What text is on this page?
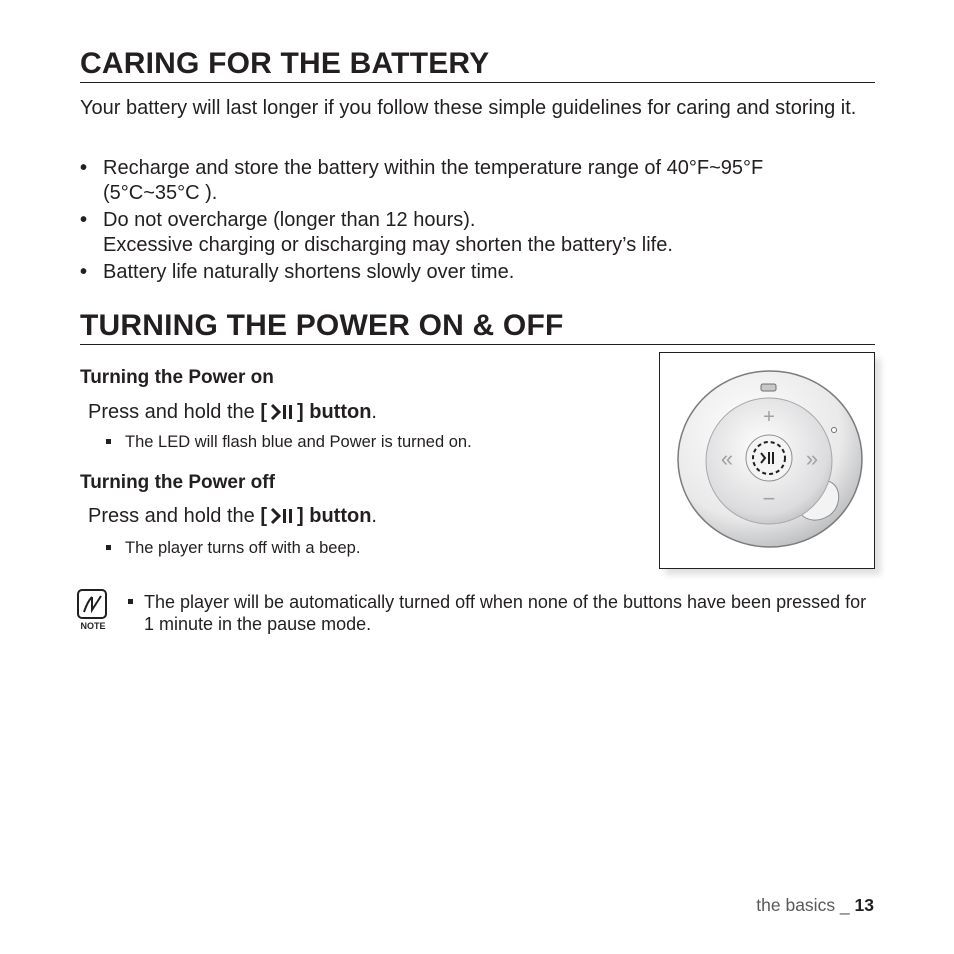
CARING FOR THE BATTERY
Your battery will last longer if you follow these simple guidelines for caring and storing it.
• Recharge and store the battery within the temperature range of 40°F~95°F
(5°C~35°C ).
• Do not overcharge (longer than 12 hours).
Excessive charging or discharging may shorten the battery’s life.
• Battery life naturally shortens slowly over time.
TURNING THE POWER ON & OFF
Turning the Power on
Press and hold the [ ] button.
The LED will flash blue and Power is turned on.
Turning the Power off
Press and hold the [ ] button.
The player turns off with a beep.
+
−
«	»
NOTE
The player will be automatically turned off when none of the buttons have been pressed for 1 minute in the pause mode.
the basics _ 13
